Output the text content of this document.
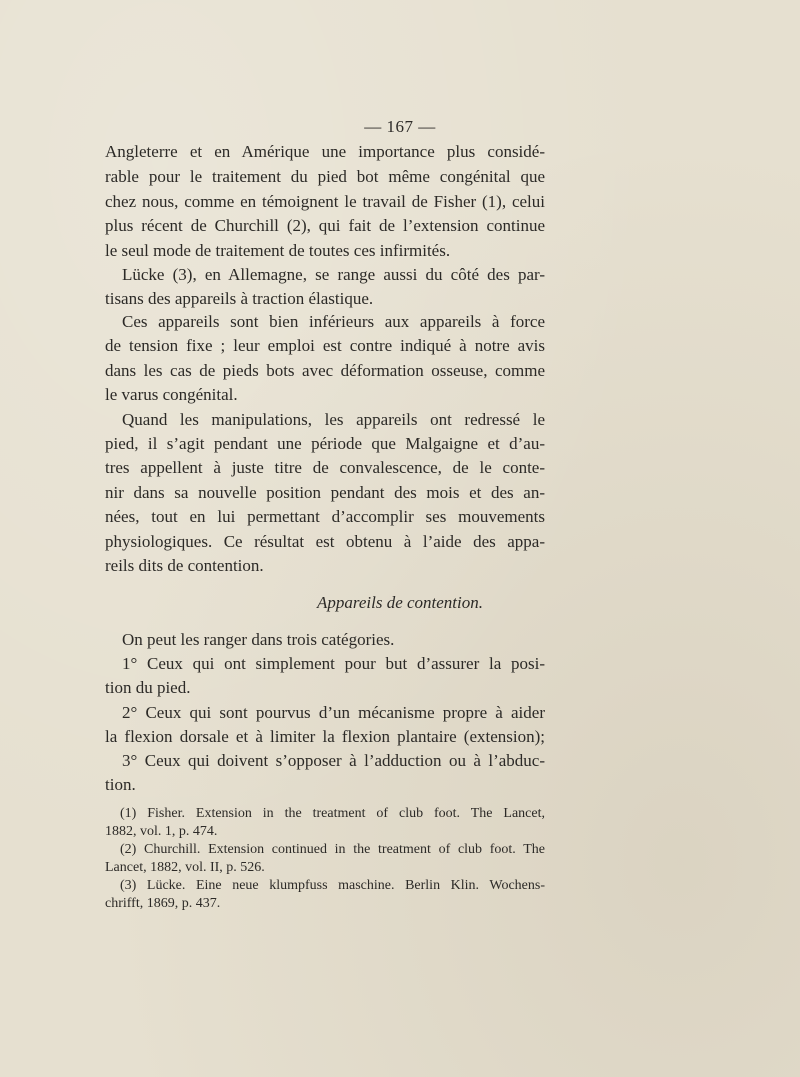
— 167 —
Angleterre et en Amérique une importance plus considé-
rable pour le traitement du pied bot même congénital que
chez nous, comme en témoignent le travail de Fisher (1), celui
plus récent de Churchill (2), qui fait de l’extension continue
le seul mode de traitement de toutes ces infirmités.
Lücke (3), en Allemagne, se range aussi du côté des par-
tisans des appareils à traction élastique.
Ces appareils sont bien inférieurs aux appareils à force
de tension fixe ; leur emploi est contre indiqué à notre avis
dans les cas de pieds bots avec déformation osseuse, comme
le varus congénital.
Quand les manipulations, les appareils ont redressé le
pied, il s’agit pendant une période que Malgaigne et d’au-
tres appellent à juste titre de convalescence, de le conte-
nir dans sa nouvelle position pendant des mois et des an-
nées, tout en lui permettant d’accomplir ses mouvements
physiologiques. Ce résultat est obtenu à l’aide des appa-
reils dits de contention.
Appareils de contention.
On peut les ranger dans trois catégories.
1° Ceux qui ont simplement pour but d’assurer la posi-
tion du pied.
2° Ceux qui sont pourvus d’un mécanisme propre à aider
la flexion dorsale et à limiter la flexion plantaire (extension);
3° Ceux qui doivent s’opposer à l’adduction ou à l’abduc-
tion.
(1) Fisher. Extension in the treatment of club foot. The Lancet,
1882, vol. 1, p. 474.
(2) Churchill. Extension continued in the treatment of club foot. The
Lancet, 1882, vol. II, p. 526.
(3) Lücke. Eine neue klumpfuss maschine. Berlin Klin. Wochens-
chrifft, 1869, p. 437.
